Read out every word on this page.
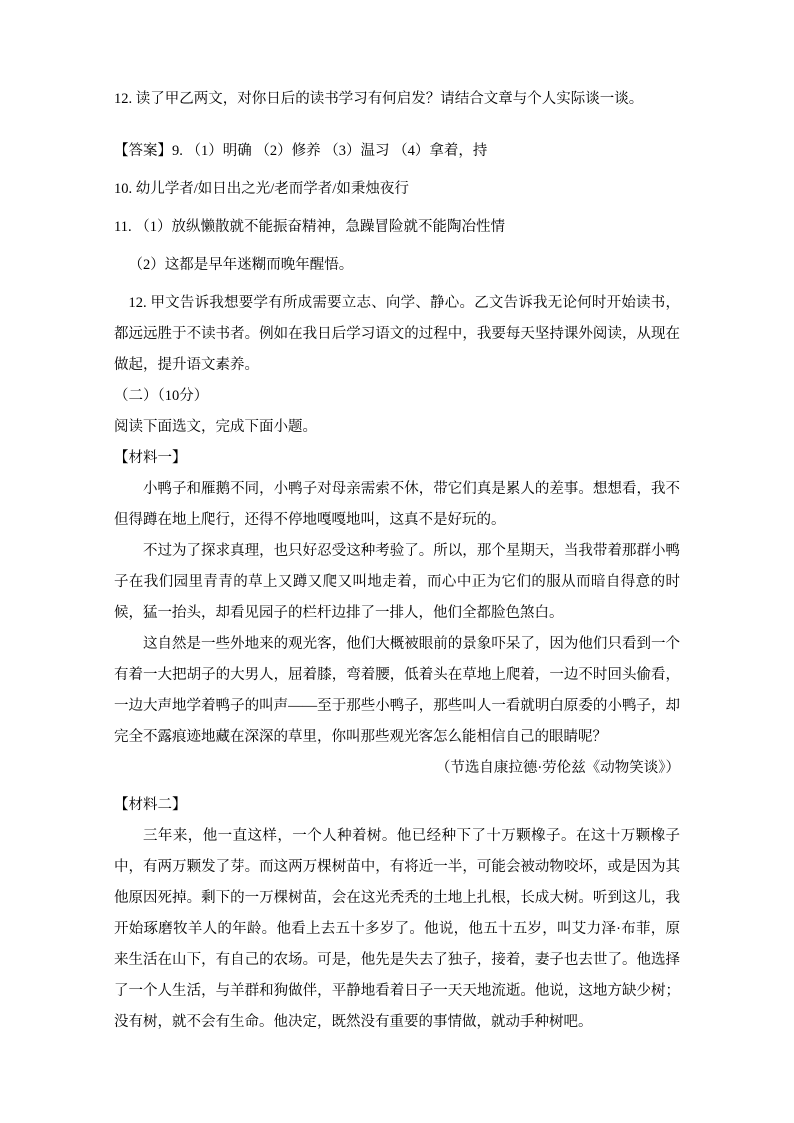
12. 读了甲乙两文，对你日后的读书学习有何启发？请结合文章与个人实际谈一谈。

【答案】9. （1）明确 （2）修养 （3）温习 （4）拿着，持

10. 幼儿学者/如日出之光/老而学者/如秉烛夜行

11. （1）放纵懒散就不能振奋精神，急躁冒险就不能陶冶性情

（2）这都是早年迷糊而晚年醒悟。

12. 甲文告诉我想要学有所成需要立志、向学、静心。乙文告诉我无论何时开始读书，都远远胜于不读书者。例如在我日后学习语文的过程中，我要每天坚持课外阅读，从现在做起，提升语文素养。

（二）（10分）

阅读下面选文，完成下面小题。

【材料一】

小鸭子和雁鹅不同，小鸭子对母亲需索不休，带它们真是累人的差事。想想看，我不但得蹲在地上爬行，还得不停地嘎嘎地叫，这真不是好玩的。

不过为了探求真理，也只好忍受这种考验了。所以，那个星期天，当我带着那群小鸭子在我们园里青青的草上又蹲又爬又叫地走着，而心中正为它们的服从而暗自得意的时候，猛一抬头，却看见园子的栏杆边排了一排人，他们全都脸色煞白。

这自然是一些外地来的观光客，他们大概被眼前的景象吓呆了，因为他们只看到一个有着一大把胡子的大男人，屈着膝，弯着腰，低着头在草地上爬着，一边不时回头偷看，一边大声地学着鸭子的叫声——至于那些小鸭子，那些叫人一看就明白原委的小鸭子，却完全不露痕迹地藏在深深的草里，你叫那些观光客怎么能相信自己的眼睛呢？

（节选自康拉德·劳伦兹《动物笑谈》）

【材料二】

三年来，他一直这样，一个人种着树。他已经种下了十万颗橡子。在这十万颗橡子中，有两万颗发了芽。而这两万棵树苗中，有将近一半，可能会被动物咬坏，或是因为其他原因死掉。剩下的一万棵树苗，会在这光秃秃的土地上扎根，长成大树。听到这儿，我开始琢磨牧羊人的年龄。他看上去五十多岁了。他说，他五十五岁，叫艾力泽·布菲，原来生活在山下，有自己的农场。可是，他先是失去了独子，接着，妻子也去世了。他选择了一个人生活，与羊群和狗做伴，平静地看着日子一天天地流逝。他说，这地方缺少树；没有树，就不会有生命。他决定，既然没有重要的事情做，就动手种树吧。
